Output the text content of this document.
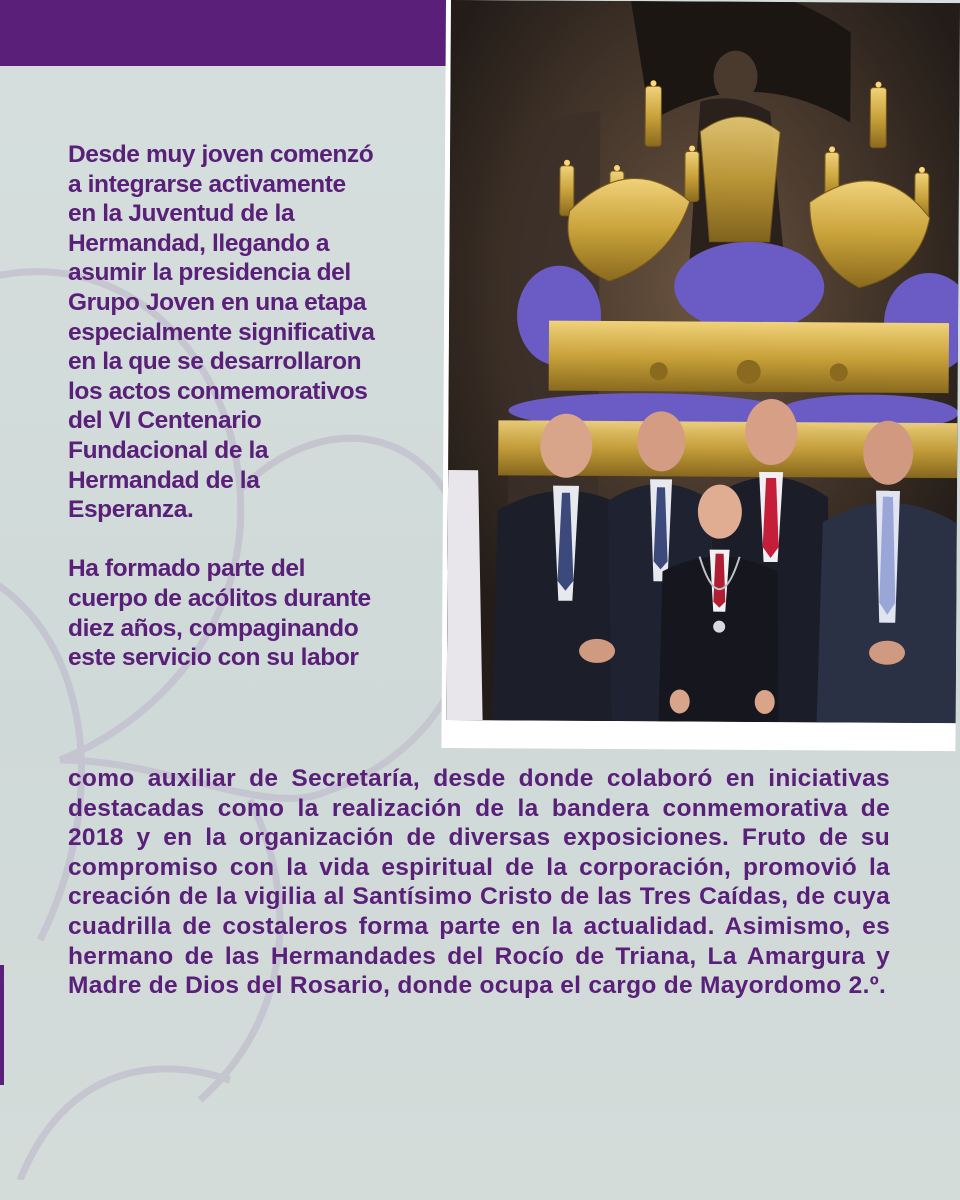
Desde muy joven comenzó
a integrarse activamente
en la Juventud de la
Hermandad, llegando a
asumir la presidencia del
Grupo Joven en una etapa
especialmente significativa
en la que se desarrollaron
los actos conmemorativos
del VI Centenario
Fundacional de la
Hermandad de la
Esperanza.
Ha formado parte del
cuerpo de acólitos durante
diez años, compaginando
este servicio con su labor

como auxiliar de Secretaría, desde donde colaboró en iniciativas destacadas como la realización de la bandera conmemorativa de 2018 y en la organización de diversas exposiciones. Fruto de su compromiso con la vida espiritual de la corporación, promovió la creación de la vigilia al Santísimo Cristo de las Tres Caídas, de cuya cuadrilla de costaleros forma parte en la actualidad. Asimismo, es hermano de las Hermandades del Rocío de Triana, La Amargura y Madre de Dios del Rosario, donde ocupa el cargo de Mayordomo 2.º.
